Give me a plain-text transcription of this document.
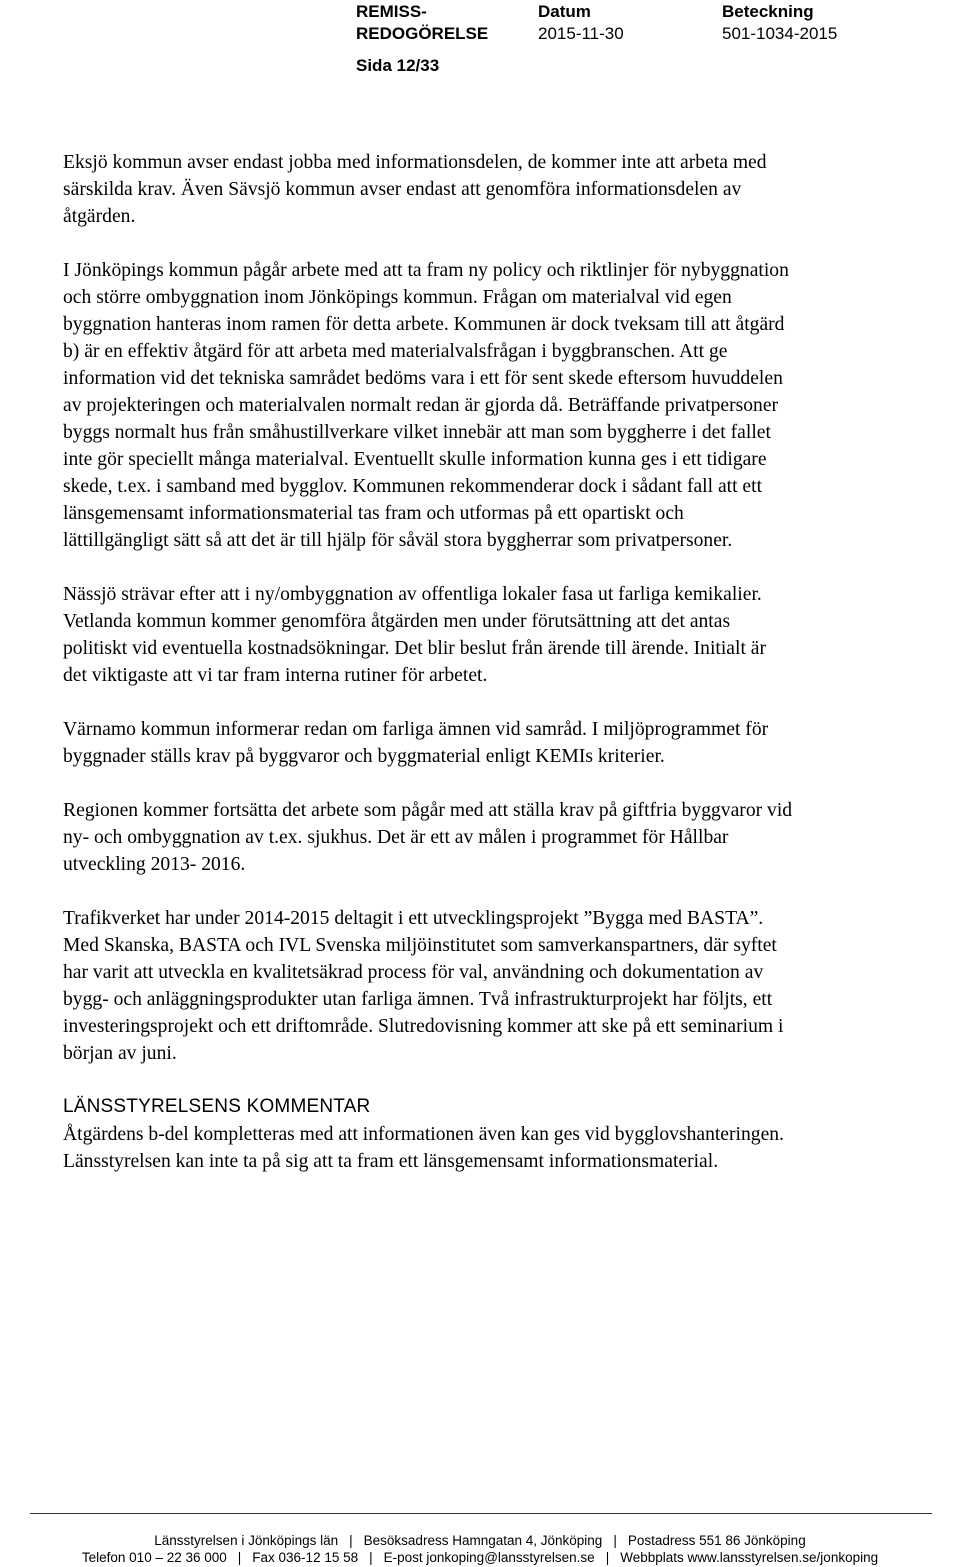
REMISS-
REDOGÖRELSE
Datum
2015-11-30
Beteckning
501-1034-2015
Sida 12/33

Eksjö kommun avser endast jobba med informationsdelen, de kommer inte att arbeta med särskilda krav. Även Sävsjö kommun avser endast att genomföra informationsdelen av åtgärden.

I Jönköpings kommun pågår arbete med att ta fram ny policy och riktlinjer för nybyggnation och större ombyggnation inom Jönköpings kommun. Frågan om materialval vid egen byggnation hanteras inom ramen för detta arbete. Kommunen är dock tveksam till att åtgärd b) är en effektiv åtgärd för att arbeta med materialvalsfrågan i byggbranschen. Att ge information vid det tekniska samrådet bedöms vara i ett för sent skede eftersom huvuddelen av projekteringen och materialvalen normalt redan är gjorda då. Beträffande privatpersoner byggs normalt hus från småhustillverkare vilket innebär att man som byggherre i det fallet inte gör speciellt många materialval. Eventuellt skulle information kunna ges i ett tidigare skede, t.ex. i samband med bygglov. Kommunen rekommenderar dock i sådant fall att ett länsgemensamt informationsmaterial tas fram och utformas på ett opartiskt och lättillgängligt sätt så att det är till hjälp för såväl stora byggherrar som privatpersoner.

Nässjö strävar efter att i ny/ombyggnation av offentliga lokaler fasa ut farliga kemikalier. Vetlanda kommun kommer genomföra åtgärden men under förutsättning att det antas politiskt vid eventuella kostnadsökningar. Det blir beslut från ärende till ärende. Initialt är det viktigaste att vi tar fram interna rutiner för arbetet.

Värnamo kommun informerar redan om farliga ämnen vid samråd. I miljöprogrammet för byggnader ställs krav på byggvaror och byggmaterial enligt KEMIs kriterier.

Regionen kommer fortsätta det arbete som pågår med att ställa krav på giftfria byggvaror vid ny- och ombyggnation av t.ex. sjukhus. Det är ett av målen i programmet för Hållbar utveckling 2013- 2016.

Trafikverket har under 2014-2015 deltagit i ett utvecklingsprojekt ”Bygga med BASTA”. Med Skanska, BASTA och IVL Svenska miljöinstitutet som samverkanspartners, där syftet har varit att utveckla en kvalitetsäkrad process för val, användning och dokumentation av bygg- och anläggningsprodukter utan farliga ämnen. Två infrastrukturprojekt har följts, ett investeringsprojekt och ett driftområde. Slutredovisning kommer att ske på ett seminarium i början av juni.

LÄNSSTYRELSENS KOMMENTAR

Åtgärdens b-del kompletteras med att informationen även kan ges vid bygglovshanteringen. Länsstyrelsen kan inte ta på sig att ta fram ett länsgemensamt informationsmaterial.

Länsstyrelsen i Jönköpings län | Besöksadress Hamngatan 4, Jönköping | Postadress 551 86 Jönköping
Telefon 010 – 22 36 000 | Fax 036-12 15 58 | E-post jonkoping@lansstyrelsen.se | Webbplats www.lansstyrelsen.se/jonkoping
